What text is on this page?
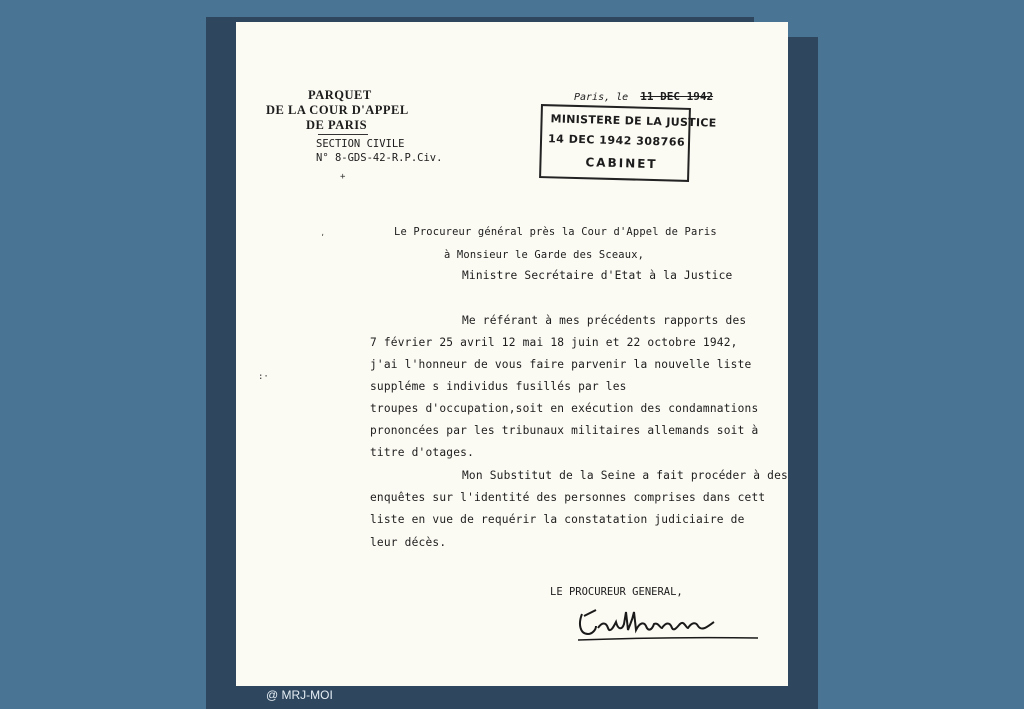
PARQUET
DE LA COUR D'APPEL
DE PARIS
SECTION CIVILE
N° 8-GDS-42-R.P.Civ.
+
Paris, le 11 DEC 1942
MINISTERE DE LA JUSTICE
14 DEC 1942 308766
CABINET
ʹ
:·
Le Procureur général près la Cour d'Appel de Paris
à Monsieur le Garde des Sceaux,
Ministre Secrétaire d'Etat à la Justice
Me référant à mes précédents rapports des
7 février 25 avril 12 mai 18 juin et 22 octobre 1942,
j'ai l'honneur de vous faire parvenir la nouvelle liste
suppléme s individus fusillés par les
troupes d'occupation,soit en exécution des condamnations
prononcées par les tribunaux militaires allemands soit à
titre d'otages.
Mon Substitut de la Seine a fait procéder à des
enquêtes sur l'identité des personnes comprises dans cett
liste en vue de requérir la constatation judiciaire de
leur décès.
LE PROCUREUR GENERAL,
@ MRJ-MOI
